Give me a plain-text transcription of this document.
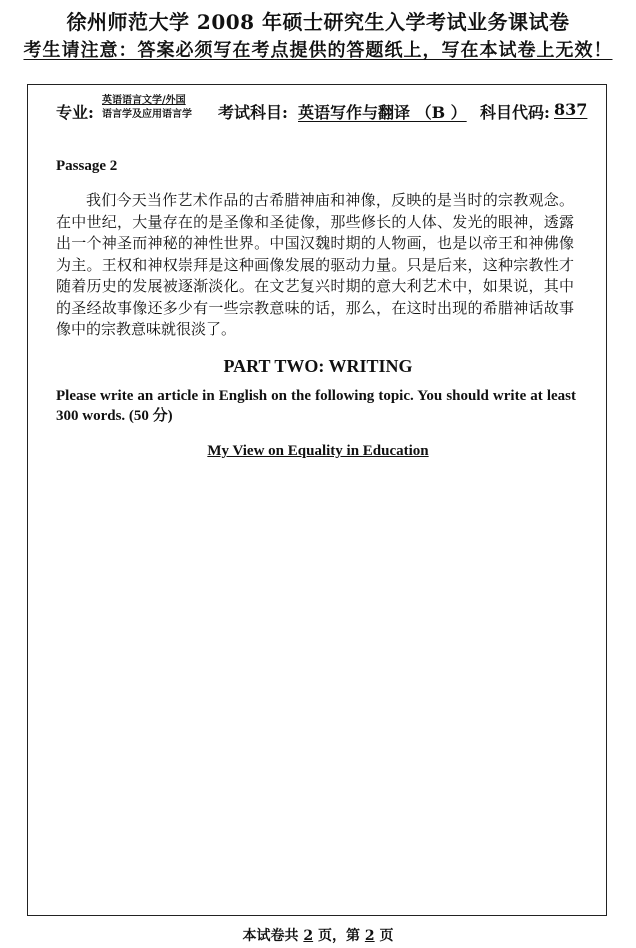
徐州师范大学 2008 年硕士研究生入学考试业务课试卷
考生请注意：答案必须写在考点提供的答题纸上，写在本试卷上无效！
专业:
英语语言文学/外国
语言学及应用语言学 考试科目: 英语写作与翻译 （B ） 科目代码: 837
Passage 2
我们今天当作艺术作品的古希腊神庙和神像，反映的是当时的宗教观念。在中世纪，大量存在的是圣像和圣徒像，那些修长的人体、发光的眼神，透露出一个神圣而神秘的神性世界。中国汉魏时期的人物画，也是以帝王和神佛像为主。王权和神权崇拜是这种画像发展的驱动力量。只是后来，这种宗教性才随着历史的发展被逐渐淡化。在文艺复兴时期的意大利艺术中，如果说，其中的圣经故事像还多少有一些宗教意味的话，那么，在这时出现的希腊神话故事像中的宗教意味就很淡了。
PART TWO: WRITING
Please write an article in English on the following topic. You should write at least 300 words. (50 分)
My View on Equality in Education
本试卷共 2 页，第 2 页
